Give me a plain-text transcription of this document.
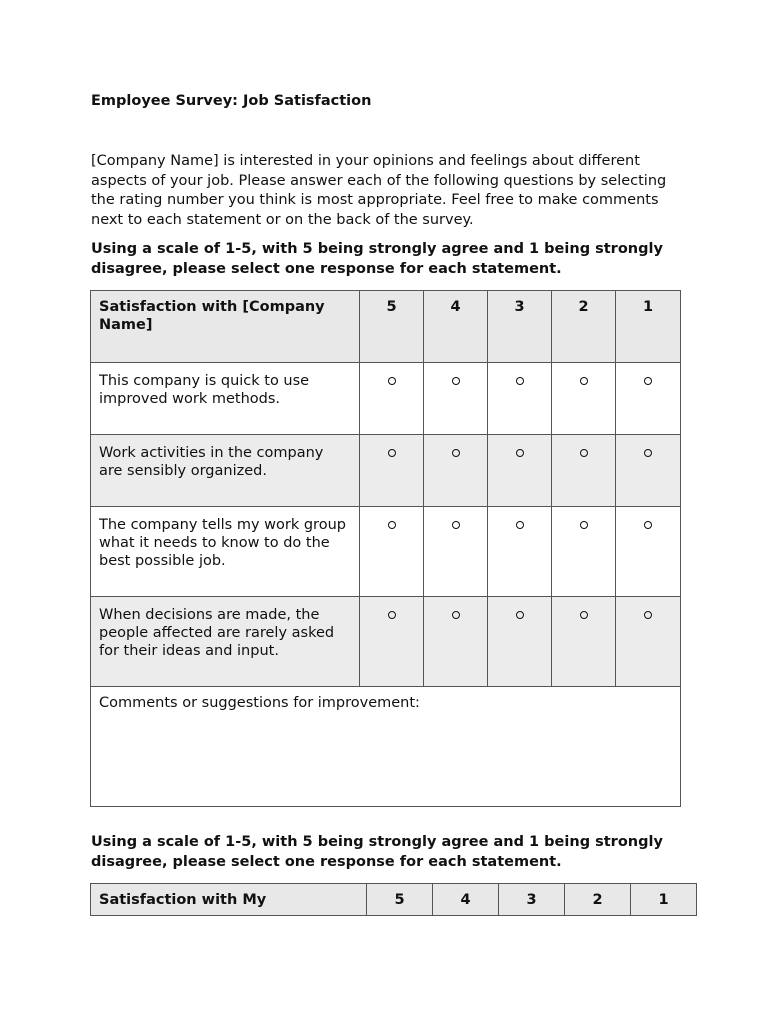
Employee Survey: Job Satisfaction

[Company Name] is interested in your opinions and feelings about different aspects of your job. Please answer each of the following questions by selecting the rating number you think is most appropriate. Feel free to make comments next to each statement or on the back of the survey.

Using a scale of 1-5, with 5 being strongly agree and 1 being strongly disagree, please select one response for each statement.

Satisfaction with [Company Name]	5	4	3	2	1
This company is quick to use improved work methods.					
Work activities in the company are sensibly organized.					
The company tells my work group what it needs to know to do the best possible job.					
When decisions are made, the people affected are rarely asked for their ideas and input.					
Comments or suggestions for improvement:					

Using a scale of 1-5, with 5 being strongly agree and 1 being strongly disagree, please select one response for each statement.

Satisfaction with My	5	4	3	2	1
